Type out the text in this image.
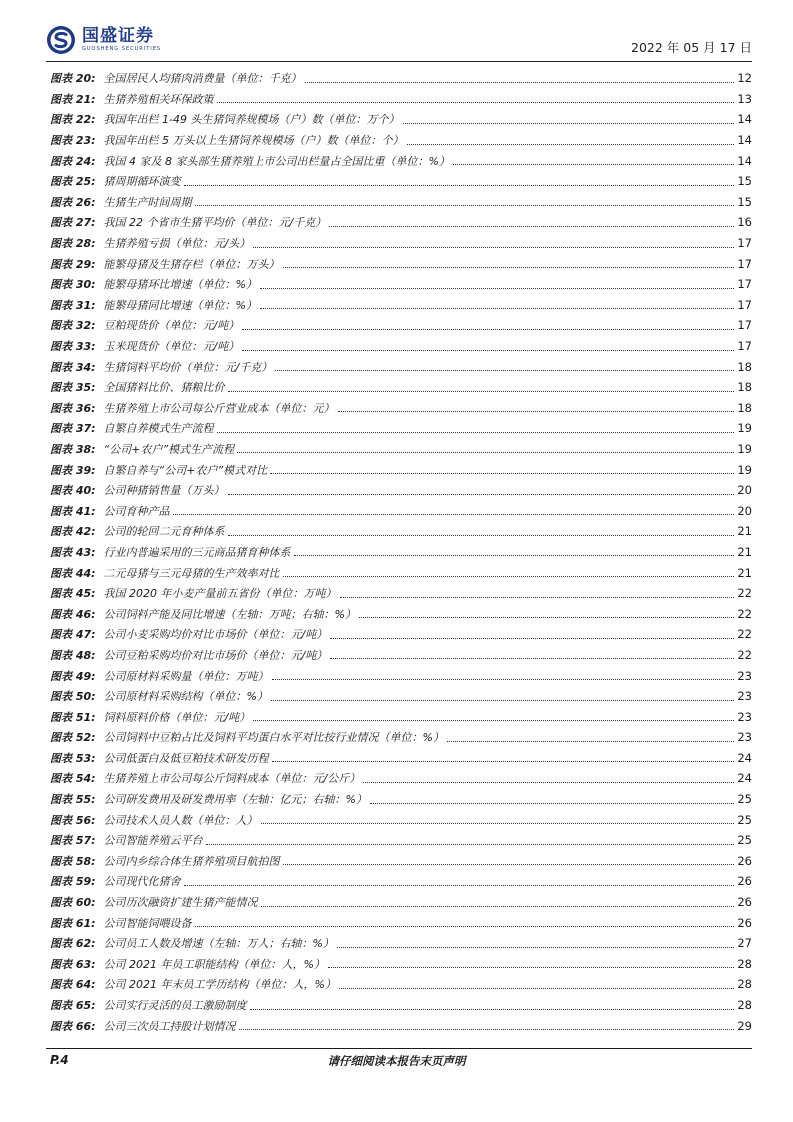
国盛证券
GUOSHENG SECURITIES	2022 年 05 月 17 日
图表 20: 全国居民人均猪肉消费量（单位：千克）	12
图表 21: 生猪养殖相关环保政策	13
图表 22: 我国年出栏 1-49 头生猪饲养规模场（户）数（单位：万个）	14
图表 23: 我国年出栏 5 万头以上生猪饲养规模场（户）数（单位：个）	14
图表 24: 我国 4 家及 8 家头部生猪养殖上市公司出栏量占全国比重（单位：%）	14
图表 25: 猪周期循环演变	15
图表 26: 生猪生产时间周期	15
图表 27: 我国 22 个省市生猪平均价（单位：元/千克）	16
图表 28: 生猪养殖亏损（单位：元/头）	17
图表 29: 能繁母猪及生猪存栏（单位：万头）	17
图表 30: 能繁母猪环比增速（单位：%）	17
图表 31: 能繁母猪同比增速（单位：%）	17
图表 32: 豆粕现货价（单位：元/吨）	17
图表 33: 玉米现货价（单位：元/吨）	17
图表 34: 生猪饲料平均价（单位：元/千克）	18
图表 35: 全国猪料比价、猪粮比价	18
图表 36: 生猪养殖上市公司每公斤营业成本（单位：元）	18
图表 37: 自繁自养模式生产流程	19
图表 38: “公司+农户”模式生产流程	19
图表 39: 自繁自养与“公司+农户”模式对比	19
图表 40: 公司种猪销售量（万头）	20
图表 41: 公司育种产品	20
图表 42: 公司的轮回二元育种体系	21
图表 43: 行业内普遍采用的三元商品猪育种体系	21
图表 44: 二元母猪与三元母猪的生产效率对比	21
图表 45: 我国 2020 年小麦产量前五省份（单位：万吨）	22
图表 46: 公司饲料产能及同比增速（左轴：万吨；右轴：%）	22
图表 47: 公司小麦采购均价对比市场价（单位：元/吨）	22
图表 48: 公司豆粕采购均价对比市场价（单位：元/吨）	22
图表 49: 公司原材料采购量（单位：万吨）	23
图表 50: 公司原材料采购结构（单位：%）	23
图表 51: 饲料原料价格（单位：元/吨）	23
图表 52: 公司饲料中豆粕占比及饲料平均蛋白水平对比按行业情况（单位：%）	23
图表 53: 公司低蛋白及低豆粕技术研发历程	24
图表 54: 生猪养殖上市公司每公斤饲料成本（单位：元/公斤）	24
图表 55: 公司研发费用及研发费用率（左轴：亿元；右轴：%）	25
图表 56: 公司技术人员人数（单位：人）	25
图表 57: 公司智能养殖云平台	25
图表 58: 公司内乡综合体生猪养殖项目航拍图	26
图表 59: 公司现代化猪舍	26
图表 60: 公司历次融资扩建生猪产能情况	26
图表 61: 公司智能饲喂设备	26
图表 62: 公司员工人数及增速（左轴：万人；右轴：%）	27
图表 63: 公司 2021 年员工职能结构（单位：人，%）	28
图表 64: 公司 2021 年末员工学历结构（单位：人，%）	28
图表 65: 公司实行灵活的员工激励制度	28
图表 66: 公司三次员工持股计划情况	29
P.4	请仔细阅读本报告末页声明
